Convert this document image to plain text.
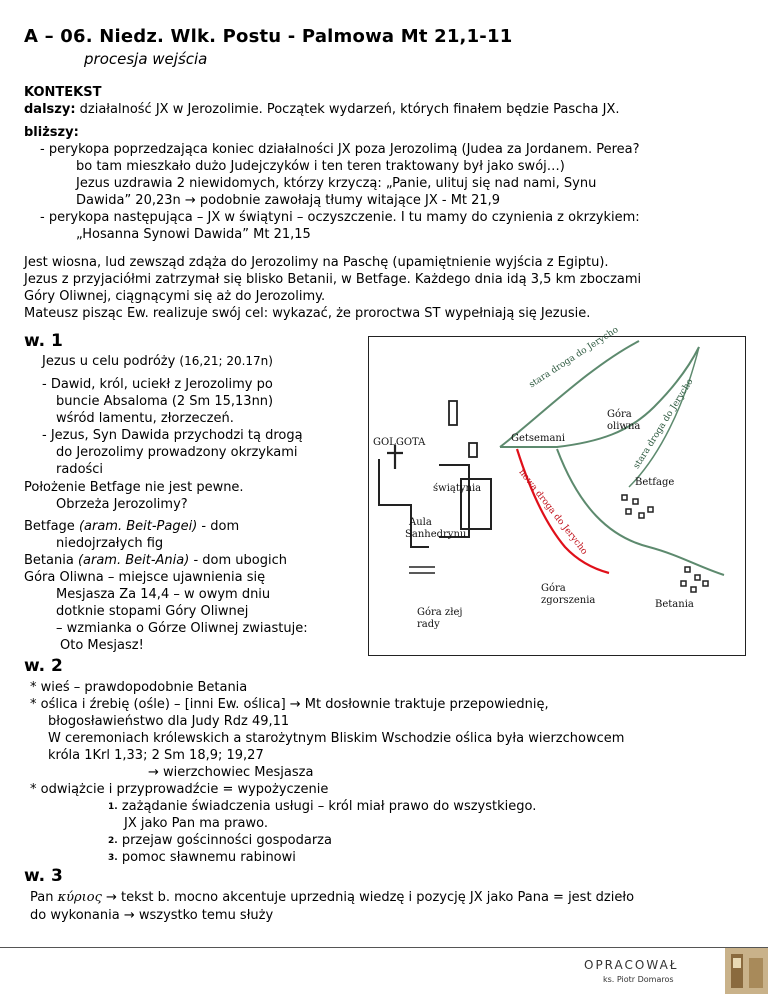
A – 06. Niedz. Wlk. Postu - Palmowa Mt 21,1-11
procesja wejścia
KONTEKST
dalszy: działalność JX w Jerozolimie. Początek wydarzeń, których finałem będzie Pascha JX.
bliższy:
- perykopa poprzedzająca koniec działalności JX poza Jerozolimą (Judea za Jordanem. Perea?
bo tam mieszkało dużo Judejczyków i ten teren traktowany był jako swój…)
Jezus uzdrawia 2 niewidomych, którzy krzyczą: „Panie, ulituj się nad nami, Synu
Dawida” 20,23n → podobnie zawołają tłumy witające JX - Mt 21,9
- perykopa następująca – JX w świątyni – oczyszczenie. I tu mamy do czynienia z okrzykiem:
„Hosanna Synowi Dawida” Mt 21,15
Jest wiosna, lud zewsząd zdąża do Jerozolimy na Paschę (upamiętnienie wyjścia z Egiptu).
Jezus z przyjaciółmi zatrzymał się blisko Betanii, w Betfage. Każdego dnia idą 3,5 km zboczami
Góry Oliwnej, ciągnącymi się aż do Jerozolimy.
Mateusz pisząc Ew. realizuje swój cel: wykazać, że proroctwa ST wypełniają się Jezusie.
w. 1
Jezus u celu podróży (16,21; 20.17n)
- Dawid, król, uciekł z Jerozolimy po
buncie Absaloma (2 Sm 15,13nn)
wśród lamentu, złorzeczeń.
- Jezus, Syn Dawida przychodzi tą drogą
do Jerozolimy prowadzony okrzykami
radości
Położenie Betfage nie jest pewne.
Obrzeża Jerozolimy?
Betfage (aram. Beit-Pagei) - dom
niedojrzałych fig
Betania (aram. Beit-Ania) - dom ubogich
Góra Oliwna – miejsce ujawnienia się
Mesjasza Za 14,4 – w owym dniu
dotknie stopami Góry Oliwnej
– wzmianka o Górze Oliwnej zwiastuje:
Oto Mesjasz!
GOLGOTA	Getsemani
Góra
oliwna
świątynia
Aula
Sanhedrynu
Betfage
Góra
zgorszenia	Betania
Góra złej
rady
stara droga do Jerycho
stara droga do Jerycho
nowa droga do Jerycho
w. 2
* wieś – prawdopodobnie Betania
* oślica i źrebię (ośle) – [inni Ew. oślica] → Mt dosłownie traktuje przepowiednię,
błogosławieństwo dla Judy Rdz 49,11
W ceremoniach królewskich a starożytnym Bliskim Wschodzie oślica była wierzchowcem
króla 1Krl 1,33; 2 Sm 18,9; 19,27
→ wierzchowiec Mesjasza
* odwiążcie i przyprowadźcie = wypożyczenie
$^{1.}$ zażądanie świadczenia usługi – król miał prawo do wszystkiego.
JX jako Pan ma prawo.
$^{2.}$ przejaw gościnności gospodarza
$^{3.}$ pomoc sławnemu rabinowi
w. 3
Pan κύριος → tekst b. mocno akcentuje uprzednią wiedzę i pozycję JX jako Pana = jest dzieło
do wykonania → wszystko temu służy
OPRACOWAŁ
ks. Piotr Domaros
